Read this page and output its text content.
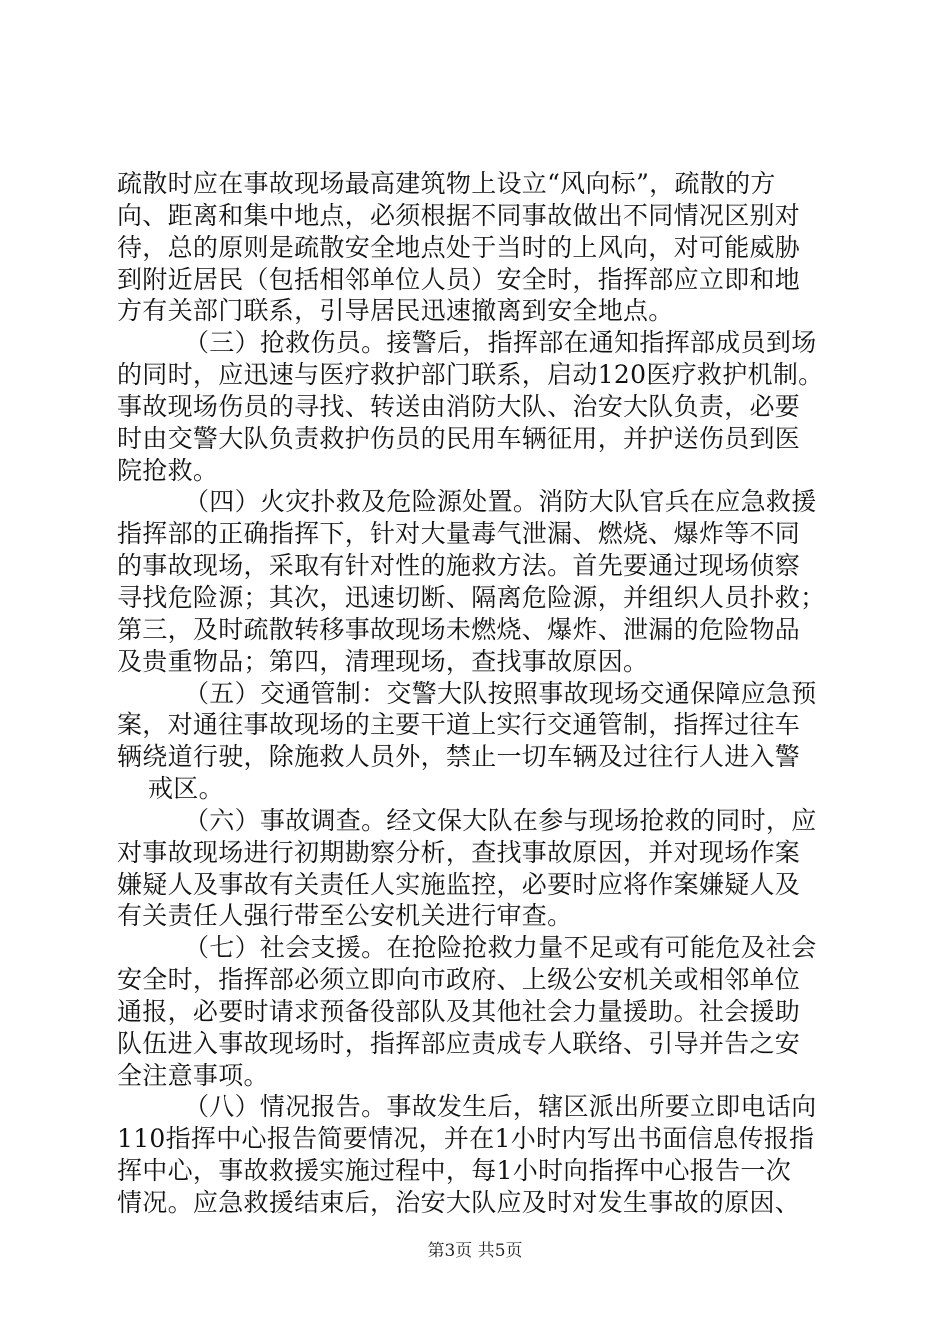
疏散时应在事故现场最高建筑物上设立“风向标”，疏散的方
向、距离和集中地点，必须根据不同事故做出不同情况区别对
待，总的原则是疏散安全地点处于当时的上风向，对可能威胁
到附近居民（包括相邻单位人员）安全时，指挥部应立即和地
方有关部门联系，引导居民迅速撤离到安全地点。
（三）抢救伤员。接警后，指挥部在通知指挥部成员到场
的同时，应迅速与医疗救护部门联系，启动120医疗救护机制。
事故现场伤员的寻找、转送由消防大队、治安大队负责，必要
时由交警大队负责救护伤员的民用车辆征用，并护送伤员到医
院抢救。
（四）火灾扑救及危险源处置。消防大队官兵在应急救援
指挥部的正确指挥下，针对大量毒气泄漏、燃烧、爆炸等不同
的事故现场，采取有针对性的施救方法。首先要通过现场侦察
寻找危险源；其次，迅速切断、隔离危险源，并组织人员扑救；
第三，及时疏散转移事故现场未燃烧、爆炸、泄漏的危险物品
及贵重物品；第四，清理现场，查找事故原因。
（五）交通管制：交警大队按照事故现场交通保障应急预
案，对通往事故现场的主要干道上实行交通管制，指挥过往车
辆绕道行驶，除施救人员外，禁止一切车辆及过往行人进入警
戒区。
（六）事故调查。经文保大队在参与现场抢救的同时，应
对事故现场进行初期勘察分析，查找事故原因，并对现场作案
嫌疑人及事故有关责任人实施监控，必要时应将作案嫌疑人及
有关责任人强行带至公安机关进行审查。
（七）社会支援。在抢险抢救力量不足或有可能危及社会
安全时，指挥部必须立即向市政府、上级公安机关或相邻单位
通报，必要时请求预备役部队及其他社会力量援助。社会援助
队伍进入事故现场时，指挥部应责成专人联络、引导并告之安
全注意事项。
（八）情况报告。事故发生后，辖区派出所要立即电话向
110指挥中心报告简要情况，并在1小时内写出书面信息传报指
挥中心，事故救援实施过程中，每1小时向指挥中心报告一次
情况。应急救援结束后，治安大队应及时对发生事故的原因、
第3页 共5页
